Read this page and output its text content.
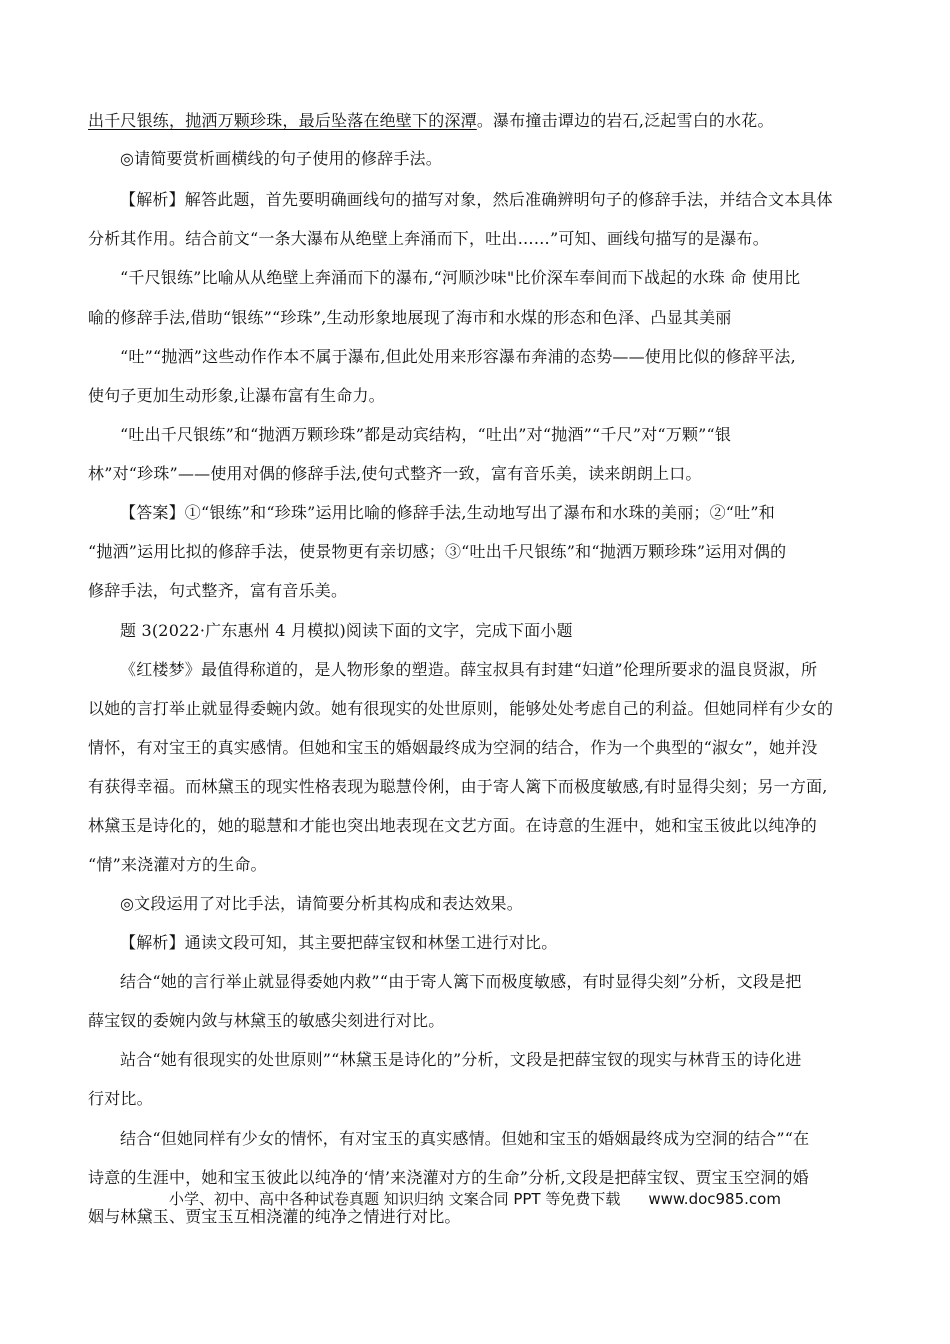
出千尺银练，抛洒万颗珍珠，最后坠落在绝壁下的深潭。瀑布撞击谭边的岩石,泛起雪白的水花。
◎请简要赏析画横线的句子使用的修辞手法。
【解析】解答此题，首先要明确画线句的描写对象，然后准确辨明句子的修辞手法，并结合文本具体
分析其作用。结合前文“一条大瀑布从绝壁上奔涌而下，吐出……”可知、画线句描写的是瀑布。
“千尺银练”比喻从从绝壁上奔涌而下的瀑布,“河顺沙味"比价深车奉间而下战起的水珠 命 使用比
喻的修辞手法,借助“银练”“珍珠”,生动形象地展现了海市和水煤的形态和色泽、凸显其美丽
“吐”“抛洒”这些动作作本不属于瀑布,但此处用来形容瀑布奔浦的态势——使用比似的修辞平法,
使句子更加生动形象,让瀑布富有生命力。
“吐出千尺银练”和“抛洒万颗珍珠”都是动宾结构，“吐出”对“抛酒”“千尺”对“万颗”“银
林”对“珍珠”——使用对偶的修辞手法,使句式整齐一致，富有音乐美，读来朗朗上口。
【答案】①“银练”和“珍珠”运用比喻的修辞手法,生动地写出了瀑布和水珠的美丽；②“吐”和
“抛洒”运用比拟的修辞手法，使景物更有亲切感；③“吐出千尺银练”和“抛洒万颗珍珠”运用对偶的
修辞手法，句式整齐，富有音乐美。
题 3(2022·广东惠州 4 月模拟)阅读下面的文字，完成下面小题
《红楼梦》最值得称道的，是人物形象的塑造。薛宝叔具有封建“妇道”伦理所要求的温良贤淑，所
以她的言打举止就显得委蜿内敛。她有很现实的处世原则，能够处处考虑自己的利益。但她同样有少女的
情怀，有对宝王的真实感情。但她和宝玉的婚姻最终成为空洞的结合，作为一个典型的“淑女”，她并没
有获得幸福。而林黛玉的现实性格表现为聪慧伶俐，由于寄人篱下而极度敏感,有时显得尖刻；另一方面,
林黛玉是诗化的，她的聪慧和才能也突出地表现在文艺方面。在诗意的生涯中，她和宝玉彼此以纯净的
“情”来浇灌对方的生命。
◎文段运用了对比手法，请简要分析其构成和表达效果。
【解析】通读文段可知，其主要把薛宝钗和林堡工进行对比。
结合“她的言行举止就显得委她内救”“由于寄人篱下而极度敏感，有时显得尖刻”分析，文段是把
薛宝钗的委婉内敛与林黛玉的敏感尖刻进行对比。
站合“她有很现实的处世原则”“林黛玉是诗化的”分析，文段是把薛宝钗的现实与林背玉的诗化进
行对比。
结合“但她同样有少女的情怀，有对宝玉的真实感情。但她和宝玉的婚姻最终成为空洞的结合”“在
诗意的生涯中，她和宝玉彼此以纯净的‘情’来浇灌对方的生命”分析,文段是把薛宝钗、贾宝玉空洞的婚
姻与林黛玉、贾宝玉互相浇灌的纯净之情进行对比。
小学、初中、高中各种试卷真题 知识归纳 文案合同 PPT 等免费下载 www.doc985.com
